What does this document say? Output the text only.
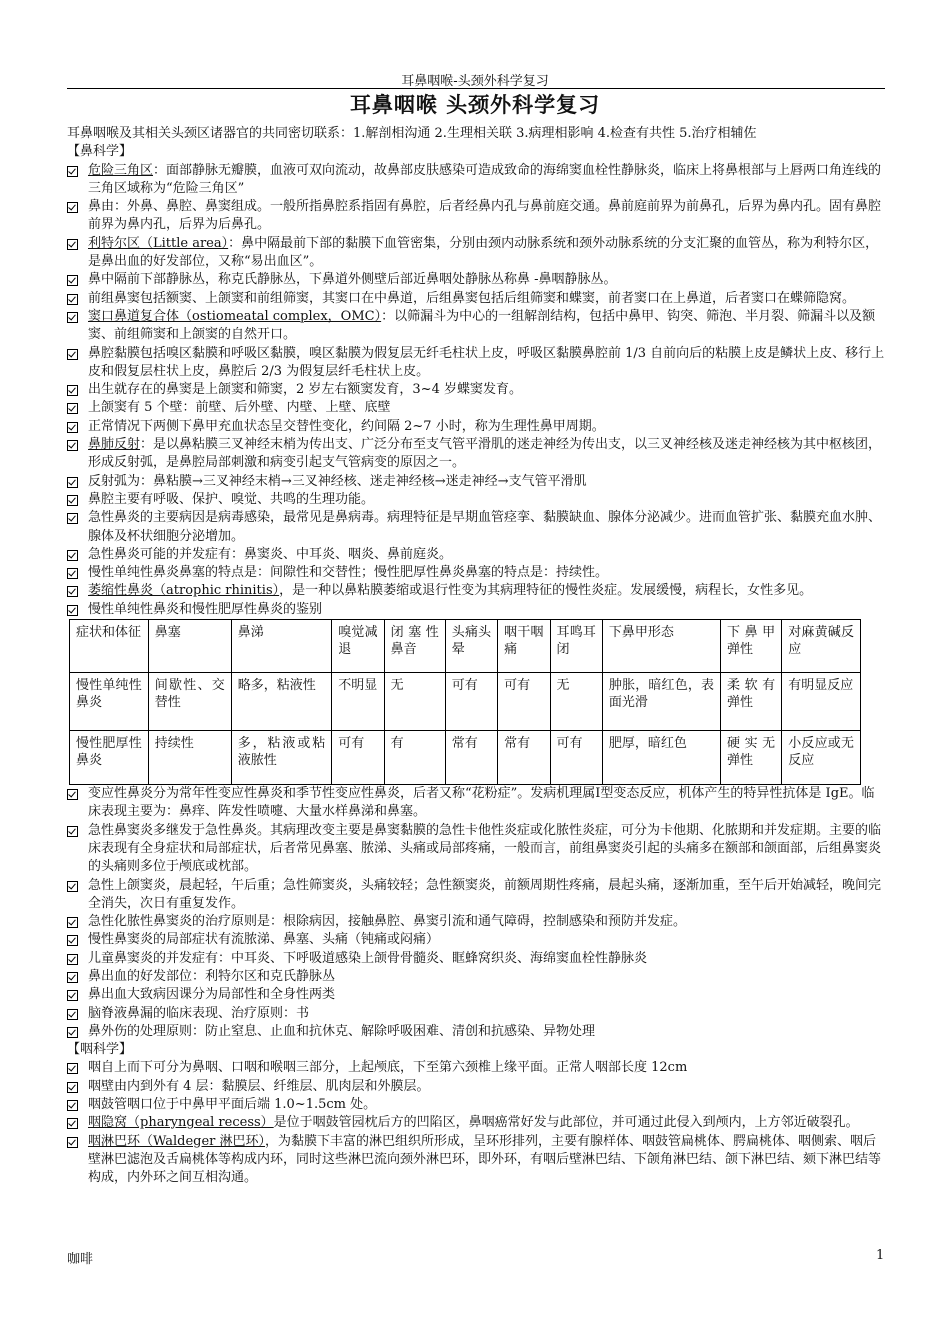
耳鼻咽喉-头颈外科学复习
耳鼻咽喉 头颈外科学复习

耳鼻咽喉及其相关头颈区诸器官的共同密切联系：1.解剖相沟通 2.生理相关联 3.病理相影响 4.检查有共性 5.治疗相辅佐

【鼻科学】

危险三角区：面部静脉无瓣膜，血液可双向流动，故鼻部皮肤感染可造成致命的海绵窦血栓性静脉炎，临床上将鼻根部与上唇两口角连线的三角区域称为“危险三角区”
鼻由：外鼻、鼻腔、鼻窦组成。一般所指鼻腔系指固有鼻腔，后者经鼻内孔与鼻前庭交通。鼻前庭前界为前鼻孔，后界为鼻内孔。固有鼻腔前界为鼻内孔，后界为后鼻孔。
利特尔区（Little area）：鼻中隔最前下部的黏膜下血管密集，分别由颈内动脉系统和颈外动脉系统的分支汇聚的血管丛，称为利特尔区，是鼻出血的好发部位，又称“易出血区”。
鼻中隔前下部静脉丛，称克氏静脉丛，下鼻道外侧壁后部近鼻咽处静脉丛称鼻 -鼻咽静脉丛。
前组鼻窦包括额窦、上颌窦和前组筛窦，其窦口在中鼻道，后组鼻窦包括后组筛窦和蝶窦，前者窦口在上鼻道，后者窦口在蝶筛隐窝。
窦口鼻道复合体（ostiomeatal complex，OMC）：以筛漏斗为中心的一组解剖结构，包括中鼻甲、钩突、筛泡、半月裂、筛漏斗以及额窦、前组筛窦和上颌窦的自然开口。
鼻腔黏膜包括嗅区黏膜和呼吸区黏膜，嗅区黏膜为假复层无纤毛柱状上皮，呼吸区黏膜鼻腔前 1/3 自前向后的粘膜上皮是鳞状上皮、移行上皮和假复层柱状上皮，鼻腔后 2/3 为假复层纤毛柱状上皮。
出生就存在的鼻窦是上颌窦和筛窦，2 岁左右额窦发育，3~4 岁蝶窦发育。
上颌窦有 5 个壁：前壁、后外壁、内壁、上壁、底壁
正常情况下两侧下鼻甲充血状态呈交替性变化，约间隔 2~7 小时，称为生理性鼻甲周期。
鼻肺反射：是以鼻粘膜三叉神经末梢为传出支、广泛分布至支气管平滑肌的迷走神经为传出支，以三叉神经核及迷走神经核为其中枢核团，形成反射弧，是鼻腔局部刺激和病变引起支气管病变的原因之一。
反射弧为：鼻粘膜→三叉神经末梢→三叉神经核、迷走神经核→迷走神经→支气管平滑肌
鼻腔主要有呼吸、保护、嗅觉、共鸣的生理功能。
急性鼻炎的主要病因是病毒感染，最常见是鼻病毒。病理特征是早期血管痉挛、黏膜缺血、腺体分泌减少。进而血管扩张、黏膜充血水肿、腺体及杯状细胞分泌增加。
急性鼻炎可能的并发症有：鼻窦炎、中耳炎、咽炎、鼻前庭炎。
慢性单纯性鼻炎鼻塞的特点是：间隙性和交替性；慢性肥厚性鼻炎鼻塞的特点是：持续性。
萎缩性鼻炎（atrophic rhinitis），是一种以鼻粘膜萎缩或退行性变为其病理特征的慢性炎症。发展缓慢，病程长，女性多见。
慢性单纯性鼻炎和慢性肥厚性鼻炎的鉴别
症状和体征	鼻塞	鼻涕	嗅觉减退	闭塞性鼻音	头痛头晕	咽干咽痛	耳鸣耳闭	下鼻甲形态	下鼻甲弹性	对麻黄碱反应
慢性单纯性鼻炎	间歇性、交替性	略多，粘液性	不明显	无	可有	可有	无	肿胀，暗红色，表面光滑	柔软有弹性	有明显反应
慢性肥厚性鼻炎	持续性	多，粘液或粘液脓性	可有	有	常有	常有	可有	肥厚，暗红色	硬实无弹性	小反应或无反应
变应性鼻炎分为常年性变应性鼻炎和季节性变应性鼻炎，后者又称“花粉症”。发病机理属Ⅰ型变态反应，机体产生的特异性抗体是 IgE。临床表现主要为：鼻痒、阵发性喷嚏、大量水样鼻涕和鼻塞。
急性鼻窦炎多继发于急性鼻炎。其病理改变主要是鼻窦黏膜的急性卡他性炎症或化脓性炎症，可分为卡他期、化脓期和并发症期。主要的临床表现有全身症状和局部症状，后者常见鼻塞、脓涕、头痛或局部疼痛，一般而言，前组鼻窦炎引起的头痛多在额部和颌面部，后组鼻窦炎的头痛则多位于颅底或枕部。
急性上颌窦炎，晨起轻，午后重；急性筛窦炎，头痛较轻；急性额窦炎，前额周期性疼痛，晨起头痛，逐渐加重，至午后开始减轻，晚间完全消失，次日有重复发作。
急性化脓性鼻窦炎的治疗原则是：根除病因，接触鼻腔、鼻窦引流和通气障碍，控制感染和预防并发症。
慢性鼻窦炎的局部症状有流脓涕、鼻塞、头痛（钝痛或闷痛）
儿童鼻窦炎的并发症有：中耳炎、下呼吸道感染上颌骨骨髓炎、眶蜂窝织炎、海绵窦血栓性静脉炎
鼻出血的好发部位：利特尔区和克氏静脉丛
鼻出血大致病因课分为局部性和全身性两类
脑脊液鼻漏的临床表现、治疗原则：书
鼻外伤的处理原则：防止窒息、止血和抗休克、解除呼吸困难、清创和抗感染、异物处理

【咽科学】

咽自上而下可分为鼻咽、口咽和喉咽三部分，上起颅底，下至第六颈椎上缘平面。正常人咽部长度 12cm
咽壁由内到外有 4 层：黏膜层、纤维层、肌肉层和外膜层。
咽鼓管咽口位于中鼻甲平面后端 1.0~1.5cm 处。
咽隐窝（pharyngeal recess）是位于咽鼓管园枕后方的凹陷区，鼻咽癌常好发与此部位，并可通过此侵入到颅内，上方邻近破裂孔。
咽淋巴环（Waldeger 淋巴环），为黏膜下丰富的淋巴组织所形成，呈环形排列，主要有腺样体、咽鼓管扁桃体、腭扁桃体、咽侧索、咽后壁淋巴滤泡及舌扁桃体等构成内环，同时这些淋巴流向颈外淋巴环，即外环，有咽后壁淋巴结、下颌角淋巴结、颌下淋巴结、颏下淋巴结等构成，内外环之间互相沟通。
咖啡	1
